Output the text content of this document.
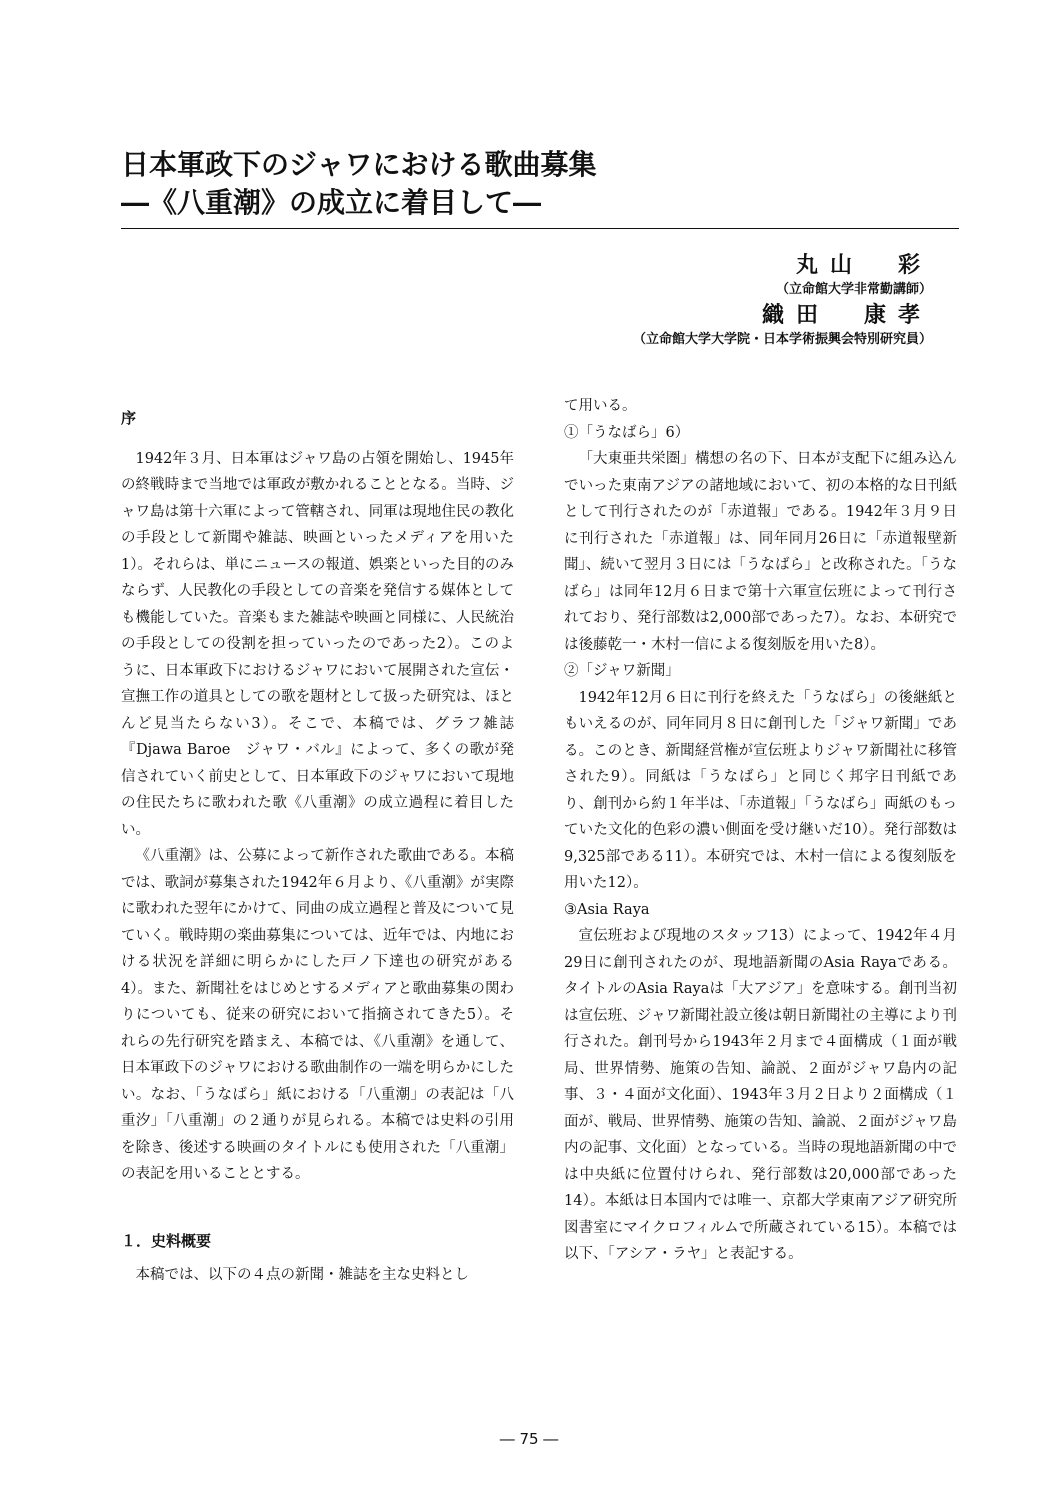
日本軍政下のジャワにおける歌曲募集
―《八重潮》の成立に着目して―

丸山　彩

（立命館大学非常勤講師）

織田　康孝

（立命館大学大学院・日本学術振興会特別研究員）

序

1942年３月、日本軍はジャワ島の占領を開始し、1945年の終戦時まで当地では軍政が敷かれることとなる。当時、ジャワ島は第十六軍によって管轄され、同軍は現地住民の教化の手段として新聞や雑誌、映画といったメディアを用いた1）。それらは、単にニュースの報道、娯楽といった目的のみならず、人民教化の手段としての音楽を発信する媒体としても機能していた。音楽もまた雑誌や映画と同様に、人民統治の手段としての役割を担っていったのであった2）。このように、日本軍政下におけるジャワにおいて展開された宣伝・宣撫工作の道具としての歌を題材として扱った研究は、ほとんど見当たらない3）。そこで、本稿では、グラフ雑誌『Djawa Baroe　ジャワ・バル』によって、多くの歌が発信されていく前史として、日本軍政下のジャワにおいて現地の住民たちに歌われた歌《八重潮》の成立過程に着目したい。

《八重潮》は、公募によって新作された歌曲である。本稿では、歌詞が募集された1942年６月より、《八重潮》が実際に歌われた翌年にかけて、同曲の成立過程と普及について見ていく。戦時期の楽曲募集については、近年では、内地における状況を詳細に明らかにした戸ノ下達也の研究がある4）。また、新聞社をはじめとするメディアと歌曲募集の関わりについても、従来の研究において指摘されてきた5）。それらの先行研究を踏まえ、本稿では、《八重潮》を通して、日本軍政下のジャワにおける歌曲制作の一端を明らかにしたい。なお、「うなばら」紙における「八重潮」の表記は「八重汐」「八重潮」の２通りが見られる。本稿では史料の引用を除き、後述する映画のタイトルにも使用された「八重潮」の表記を用いることとする。

１．史料概要

本稿では、以下の４点の新聞・雑誌を主な史料とし

て用いる。

①「うなばら」6）

「大東亜共栄圏」構想の名の下、日本が支配下に組み込んでいった東南アジアの諸地域において、初の本格的な日刊紙として刊行されたのが「赤道報」である。1942年３月９日に刊行された「赤道報」は、同年同月26日に「赤道報壁新聞」、続いて翌月３日には「うなばら」と改称された。「うなばら」は同年12月６日まで第十六軍宣伝班によって刊行されており、発行部数は2,000部であった7）。なお、本研究では後藤乾一・木村一信による復刻版を用いた8）。

②「ジャワ新聞」

1942年12月６日に刊行を終えた「うなばら」の後継紙ともいえるのが、同年同月８日に創刊した「ジャワ新聞」である。このとき、新聞経営権が宣伝班よりジャワ新聞社に移管された9）。同紙は「うなばら」と同じく邦字日刊紙であり、創刊から約１年半は、「赤道報」「うなばら」両紙のもっていた文化的色彩の濃い側面を受け継いだ10）。発行部数は9,325部である11）。本研究では、木村一信による復刻版を用いた12）。

③Asia Raya

宣伝班および現地のスタッフ13）によって、1942年４月29日に創刊されたのが、現地語新聞のAsia Rayaである。タイトルのAsia Rayaは「大アジア」を意味する。創刊当初は宣伝班、ジャワ新聞社設立後は朝日新聞社の主導により刊行された。創刊号から1943年２月まで４面構成（１面が戦局、世界情勢、施策の告知、論説、２面がジャワ島内の記事、３・４面が文化面）、1943年３月２日より２面構成（１面が、戦局、世界情勢、施策の告知、論説、２面がジャワ島内の記事、文化面）となっている。当時の現地語新聞の中では中央紙に位置付けられ、発行部数は20,000部であった14）。本紙は日本国内では唯一、京都大学東南アジア研究所図書室にマイクロフィルムで所蔵されている15）。本稿では以下、「アシア・ラヤ」と表記する。

― 75 ―
